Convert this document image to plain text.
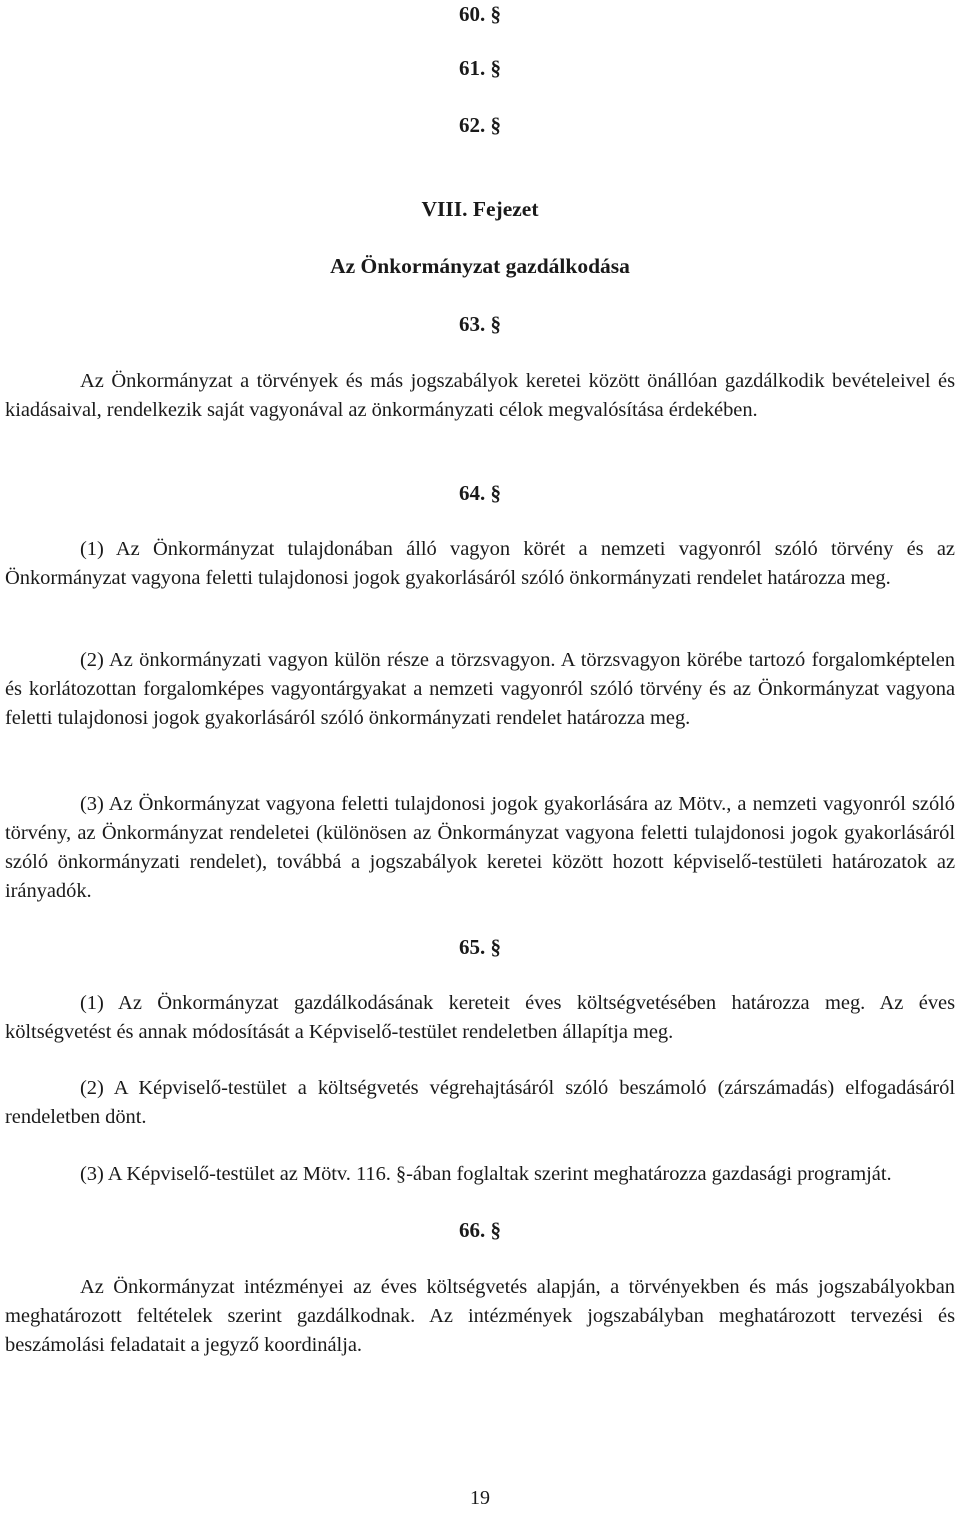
60. §
61. §
62. §
VIII. Fejezet
Az Önkormányzat gazdálkodása
63. §
Az Önkormányzat a törvények és más jogszabályok keretei között önállóan gazdálkodik bevételeivel és kiadásaival, rendelkezik saját vagyonával az önkormányzati célok megvalósítása érdekében.
64. §
(1) Az Önkormányzat tulajdonában álló vagyon körét a nemzeti vagyonról szóló törvény és az Önkormányzat vagyona feletti tulajdonosi jogok gyakorlásáról szóló önkormányzati rendelet határozza meg.
(2) Az önkormányzati vagyon külön része a törzsvagyon. A törzsvagyon körébe tartozó forgalomképtelen és korlátozottan forgalomképes vagyontárgyakat a nemzeti vagyonról szóló törvény és az Önkormányzat vagyona feletti tulajdonosi jogok gyakorlásáról szóló önkormányzati rendelet határozza meg.
(3) Az Önkormányzat vagyona feletti tulajdonosi jogok gyakorlására az Mötv., a nemzeti vagyonról szóló törvény, az Önkormányzat rendeletei (különösen az Önkormányzat vagyona feletti tulajdonosi jogok gyakorlásáról szóló önkormányzati rendelet), továbbá a jogszabályok keretei között hozott képviselő-testületi határozatok az irányadók.
65. §
(1) Az Önkormányzat gazdálkodásának kereteit éves költségvetésében határozza meg. Az éves költségvetést és annak módosítását a Képviselő-testület rendeletben állapítja meg.
(2) A Képviselő-testület a költségvetés végrehajtásáról szóló beszámoló (zárszámadás) elfogadásáról rendeletben dönt.
(3) A Képviselő-testület az Mötv. 116. §-ában foglaltak szerint meghatározza gazdasági programját.
66. §
Az Önkormányzat intézményei az éves költségvetés alapján, a törvényekben és más jogszabályokban meghatározott feltételek szerint gazdálkodnak. Az intézmények jogszabályban meghatározott tervezési és beszámolási feladatait a jegyző koordinálja.
19
